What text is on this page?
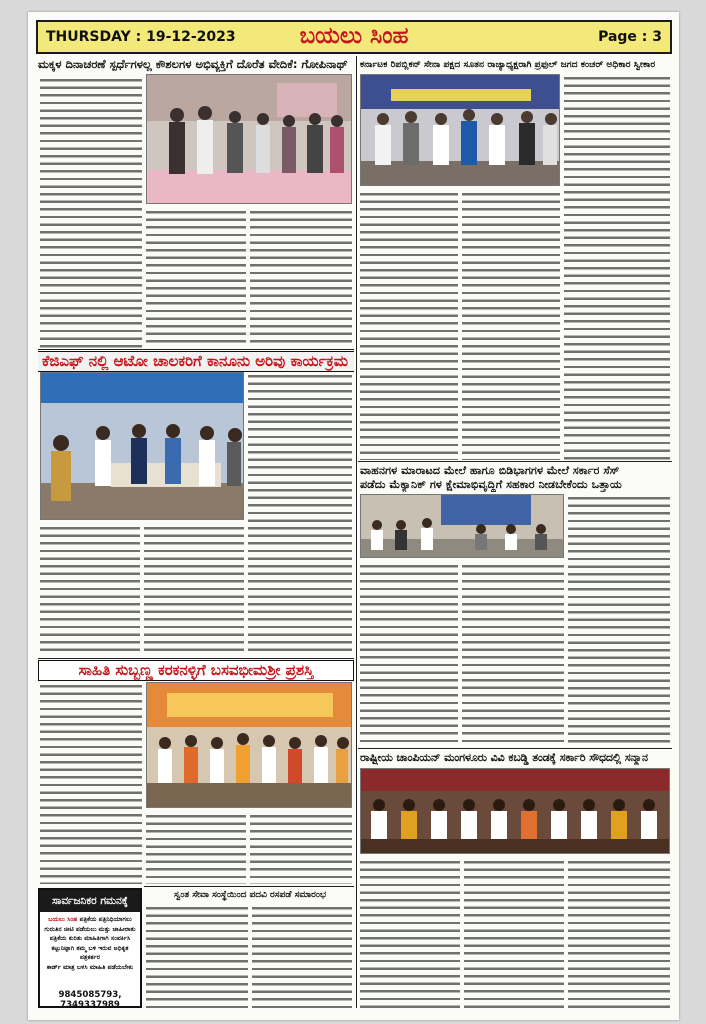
THURSDAY : 19-12-2023	ಬಯಲು ಸಿಂಹ	Page : 3
ಮಕ್ಕಳ ದಿನಾಚರಣೆ ಸ್ಪರ್ಧೆಗಳಲ್ಲ ಕೌಶಲಗಳ ಅಭಿವ್ಯಕ್ತಿಗೆ ದೊರೆತ ವೇದಿಕೆ: ಗೋಪಿನಾಥ್	ಕರ್ನಾಟಕ ರಿಪಬ್ಲಿಕನ್ ಸೇನಾ ಪಕ್ಷದ ಸೂತನ ರಾಜ್ಯಾಧ್ಯಕ್ಷರಾಗಿ ಪ್ರಫುಲ್ ಜಗದ ಕಂಚರ್ ಅಧಿಕಾರ ಸ್ವೀಕಾರ
ಕೆಜಿಎಫ್ ನಲ್ಲಿ ಆಟೋ ಚಾಲಕರಿಗೆ ಕಾನೂನು ಅರಿವು ಕಾರ್ಯಕ್ರಮ
ವಾಹನಗಳ ಮಾರಾಟದ ಮೇಲೆ ಹಾಗೂ ಬಿಡಿಭಾಗಗಳ ಮೇಲೆ ಸರ್ಕಾರ ಸೆಸ್
ಪಡೆದು ಮೆಕ್ಯಾನಿಕ್ ಗಳ ಕ್ಷೇಮಾಭಿವೃದ್ಧಿಗೆ ಸಹಕಾರ ನೀಡಬೇಕೆಂದು ಒತ್ತಾಯ
ಸಾಹಿತಿ ಸುಬ್ಬಣ್ಣ ಕರಕನಳ್ಳಿಗೆ ಬಸವಭೀಮಶ್ರೀ ಪ್ರಶಸ್ತಿ
ರಾಷ್ಟ್ರೀಯ ಚಾಂಪಿಯನ್ ಮಂಗಳೂರು ವಿವಿ ಕಬಡ್ಡಿ ತಂಡಕ್ಕೆ ಸರ್ಕಾರಿ ಸೌಧದಲ್ಲಿ ಸನ್ಮಾನ
ಸ್ವಂತ ಸೇವಾ ಸಂಸ್ಥೆಯಿಂದ ಪದವಿ ರಸಪಡೆ ಸಮಾರಂಭ
ಸಾರ್ವಜನಿಕರ ಗಮನಕ್ಕೆ
ಬಯಲು ಸಿಂಹ ಪತ್ರಿಕೆಯ ಪತ್ರಿನಿಧಿಯಾಗಲು
ಗುರುತಿನ ಚೀಟಿ ಪಡೆಯಲು ಮತ್ತು ಜಾಹೀರಾತು
ಪತ್ರಿಕೆಯ ಕುರಿತು ಮಾಹಿತಿಗಾಗಿ ಸಂಪರ್ಕಿಸಿ
ಕಟ್ಟುನಿಟ್ಟಾಗಿ ತಮ್ಮ ಬಳಿ ಇರುವ ಅಧಿಕೃತ ಪತ್ರಕರ್ತರ
ಕಾರ್ಡ್ ಮಾತ್ರ ಬಳಸಿ ಮಾಹಿತಿ ಪಡೆಯಬೇಕು
9845085793, 7349337989
